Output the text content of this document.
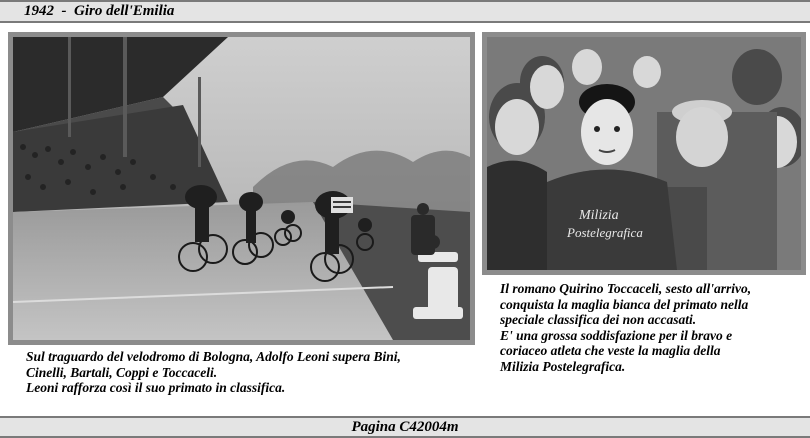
1942  -  Giro dell'Emilia
Milizia
Postelegrafica

Il romano Quirino Toccaceli, sesto all'arrivo,

conquista la maglia bianca del primato nella

speciale classifica dei non accasati.

E' una grossa soddisfazione per il bravo e

coriaceo atleta che veste la maglia della

Milizia Postelegrafica.

Sul traguardo del velodromo di Bologna, Adolfo Leoni supera Bini,

Cinelli, Bartali, Coppi e Toccaceli.

Leoni rafforza così il suo primato in classifica.

Pagina C42004m
